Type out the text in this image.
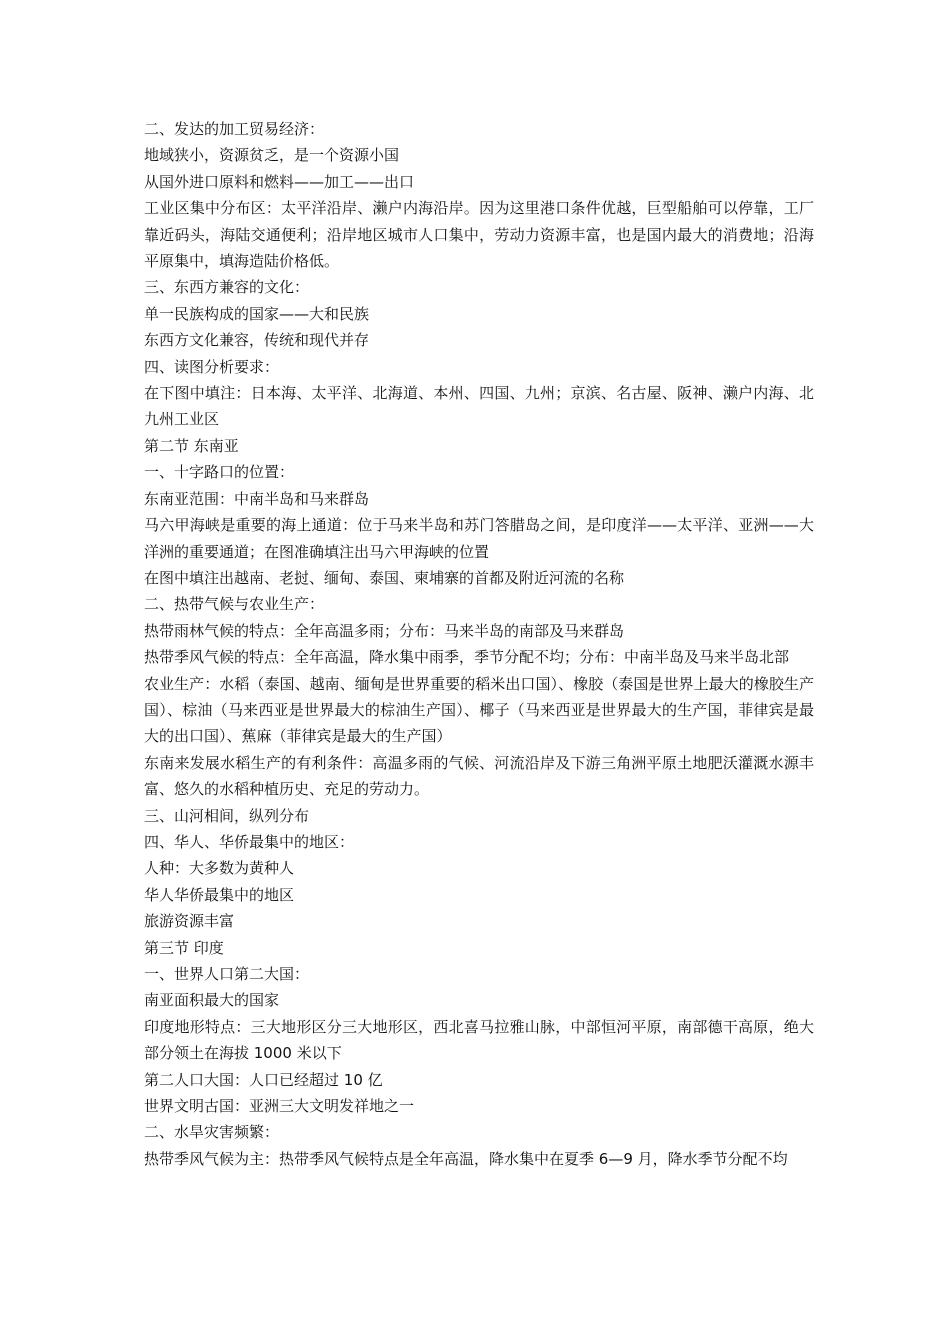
二、发达的加工贸易经济：

地域狭小，资源贫乏，是一个资源小国

从国外进口原料和燃料——加工——出口

工业区集中分布区：太平洋沿岸、濑户内海沿岸。因为这里港口条件优越，巨型船舶可以停靠，工厂靠近码头，海陆交通便利；沿岸地区城市人口集中，劳动力资源丰富，也是国内最大的消费地；沿海平原集中，填海造陆价格低。

三、东西方兼容的文化：

单一民族构成的国家——大和民族

东西方文化兼容，传统和现代并存

四、读图分析要求：

在下图中填注：日本海、太平洋、北海道、本州、四国、九州；京滨、名古屋、阪神、濑户内海、北九州工业区

第二节 东南亚

一、十字路口的位置：

东南亚范围：中南半岛和马来群岛

马六甲海峡是重要的海上通道：位于马来半岛和苏门答腊岛之间，是印度洋——太平洋、亚洲——大洋洲的重要通道；在图准确填注出马六甲海峡的位置

在图中填注出越南、老挝、缅甸、泰国、柬埔寨的首都及附近河流的名称

二、热带气候与农业生产：

热带雨林气候的特点：全年高温多雨；分布：马来半岛的南部及马来群岛

热带季风气候的特点：全年高温，降水集中雨季，季节分配不均；分布：中南半岛及马来半岛北部

农业生产：水稻（泰国、越南、缅甸是世界重要的稻米出口国）、橡胶（泰国是世界上最大的橡胶生产国）、棕油（马来西亚是世界最大的棕油生产国）、椰子（马来西亚是世界最大的生产国，菲律宾是最大的出口国）、蕉麻（菲律宾是最大的生产国）

东南来发展水稻生产的有利条件：高温多雨的气候、河流沿岸及下游三角洲平原土地肥沃灌溉水源丰富、悠久的水稻种植历史、充足的劳动力。

三、山河相间，纵列分布

四、华人、华侨最集中的地区：

人种：大多数为黄种人

华人华侨最集中的地区

旅游资源丰富

第三节 印度

一、世界人口第二大国：

南亚面积最大的国家

印度地形特点：三大地形区分三大地形区，西北喜马拉雅山脉，中部恒河平原，南部德干高原，绝大部分领土在海拔 1000 米以下

第二人口大国：人口已经超过 10 亿

世界文明古国：亚洲三大文明发祥地之一

二、水旱灾害频繁：

热带季风气候为主：热带季风气候特点是全年高温，降水集中在夏季 6—9 月，降水季节分配不均
